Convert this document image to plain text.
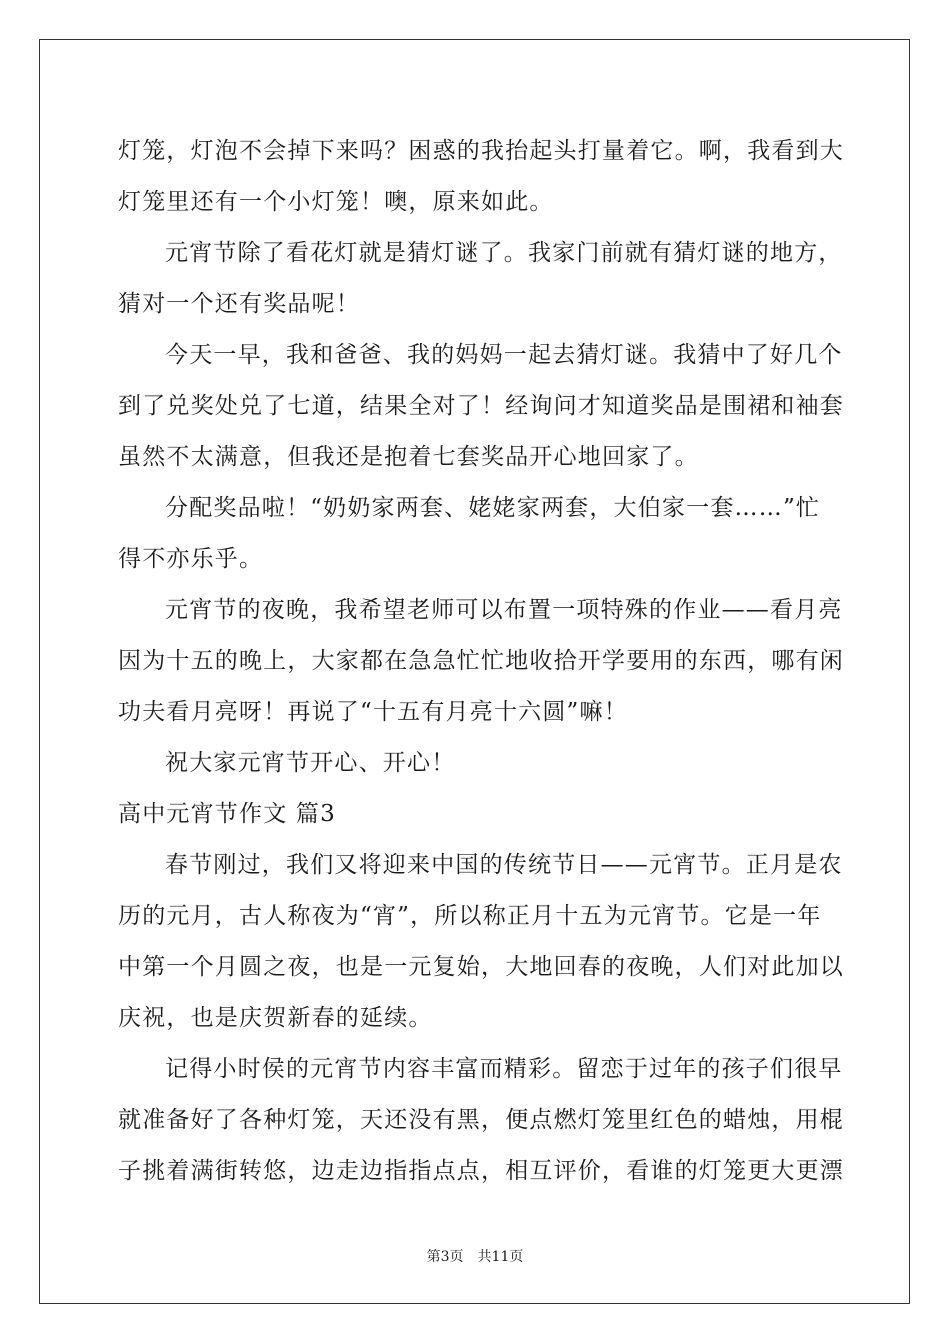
灯笼，灯泡不会掉下来吗？困惑的我抬起头打量着它。啊，我看到大
灯笼里还有一个小灯笼！噢，原来如此。
元宵节除了看花灯就是猜灯谜了。我家门前就有猜灯谜的地方，
猜对一个还有奖品呢！
今天一早，我和爸爸、我的妈妈一起去猜灯谜。我猜中了好几个
到了兑奖处兑了七道，结果全对了！经询问才知道奖品是围裙和袖套
虽然不太满意，但我还是抱着七套奖品开心地回家了。
分配奖品啦！“奶奶家两套、姥姥家两套，大伯家一套……”忙
得不亦乐乎。
元宵节的夜晚，我希望老师可以布置一项特殊的作业——看月亮
因为十五的晚上，大家都在急急忙忙地收拾开学要用的东西，哪有闲
功夫看月亮呀！再说了“十五有月亮十六圆”嘛！
祝大家元宵节开心、开心！
高中元宵节作文 篇3
春节刚过，我们又将迎来中国的传统节日——元宵节。正月是农
历的元月，古人称夜为“宵”，所以称正月十五为元宵节。它是一年
中第一个月圆之夜，也是一元复始，大地回春的夜晚，人们对此加以
庆祝，也是庆贺新春的延续。
记得小时侯的元宵节内容丰富而精彩。留恋于过年的孩子们很早
就准备好了各种灯笼，天还没有黑，便点燃灯笼里红色的蜡烛，用棍
子挑着满街转悠，边走边指指点点，相互评价，看谁的灯笼更大更漂
第3页　共11页
